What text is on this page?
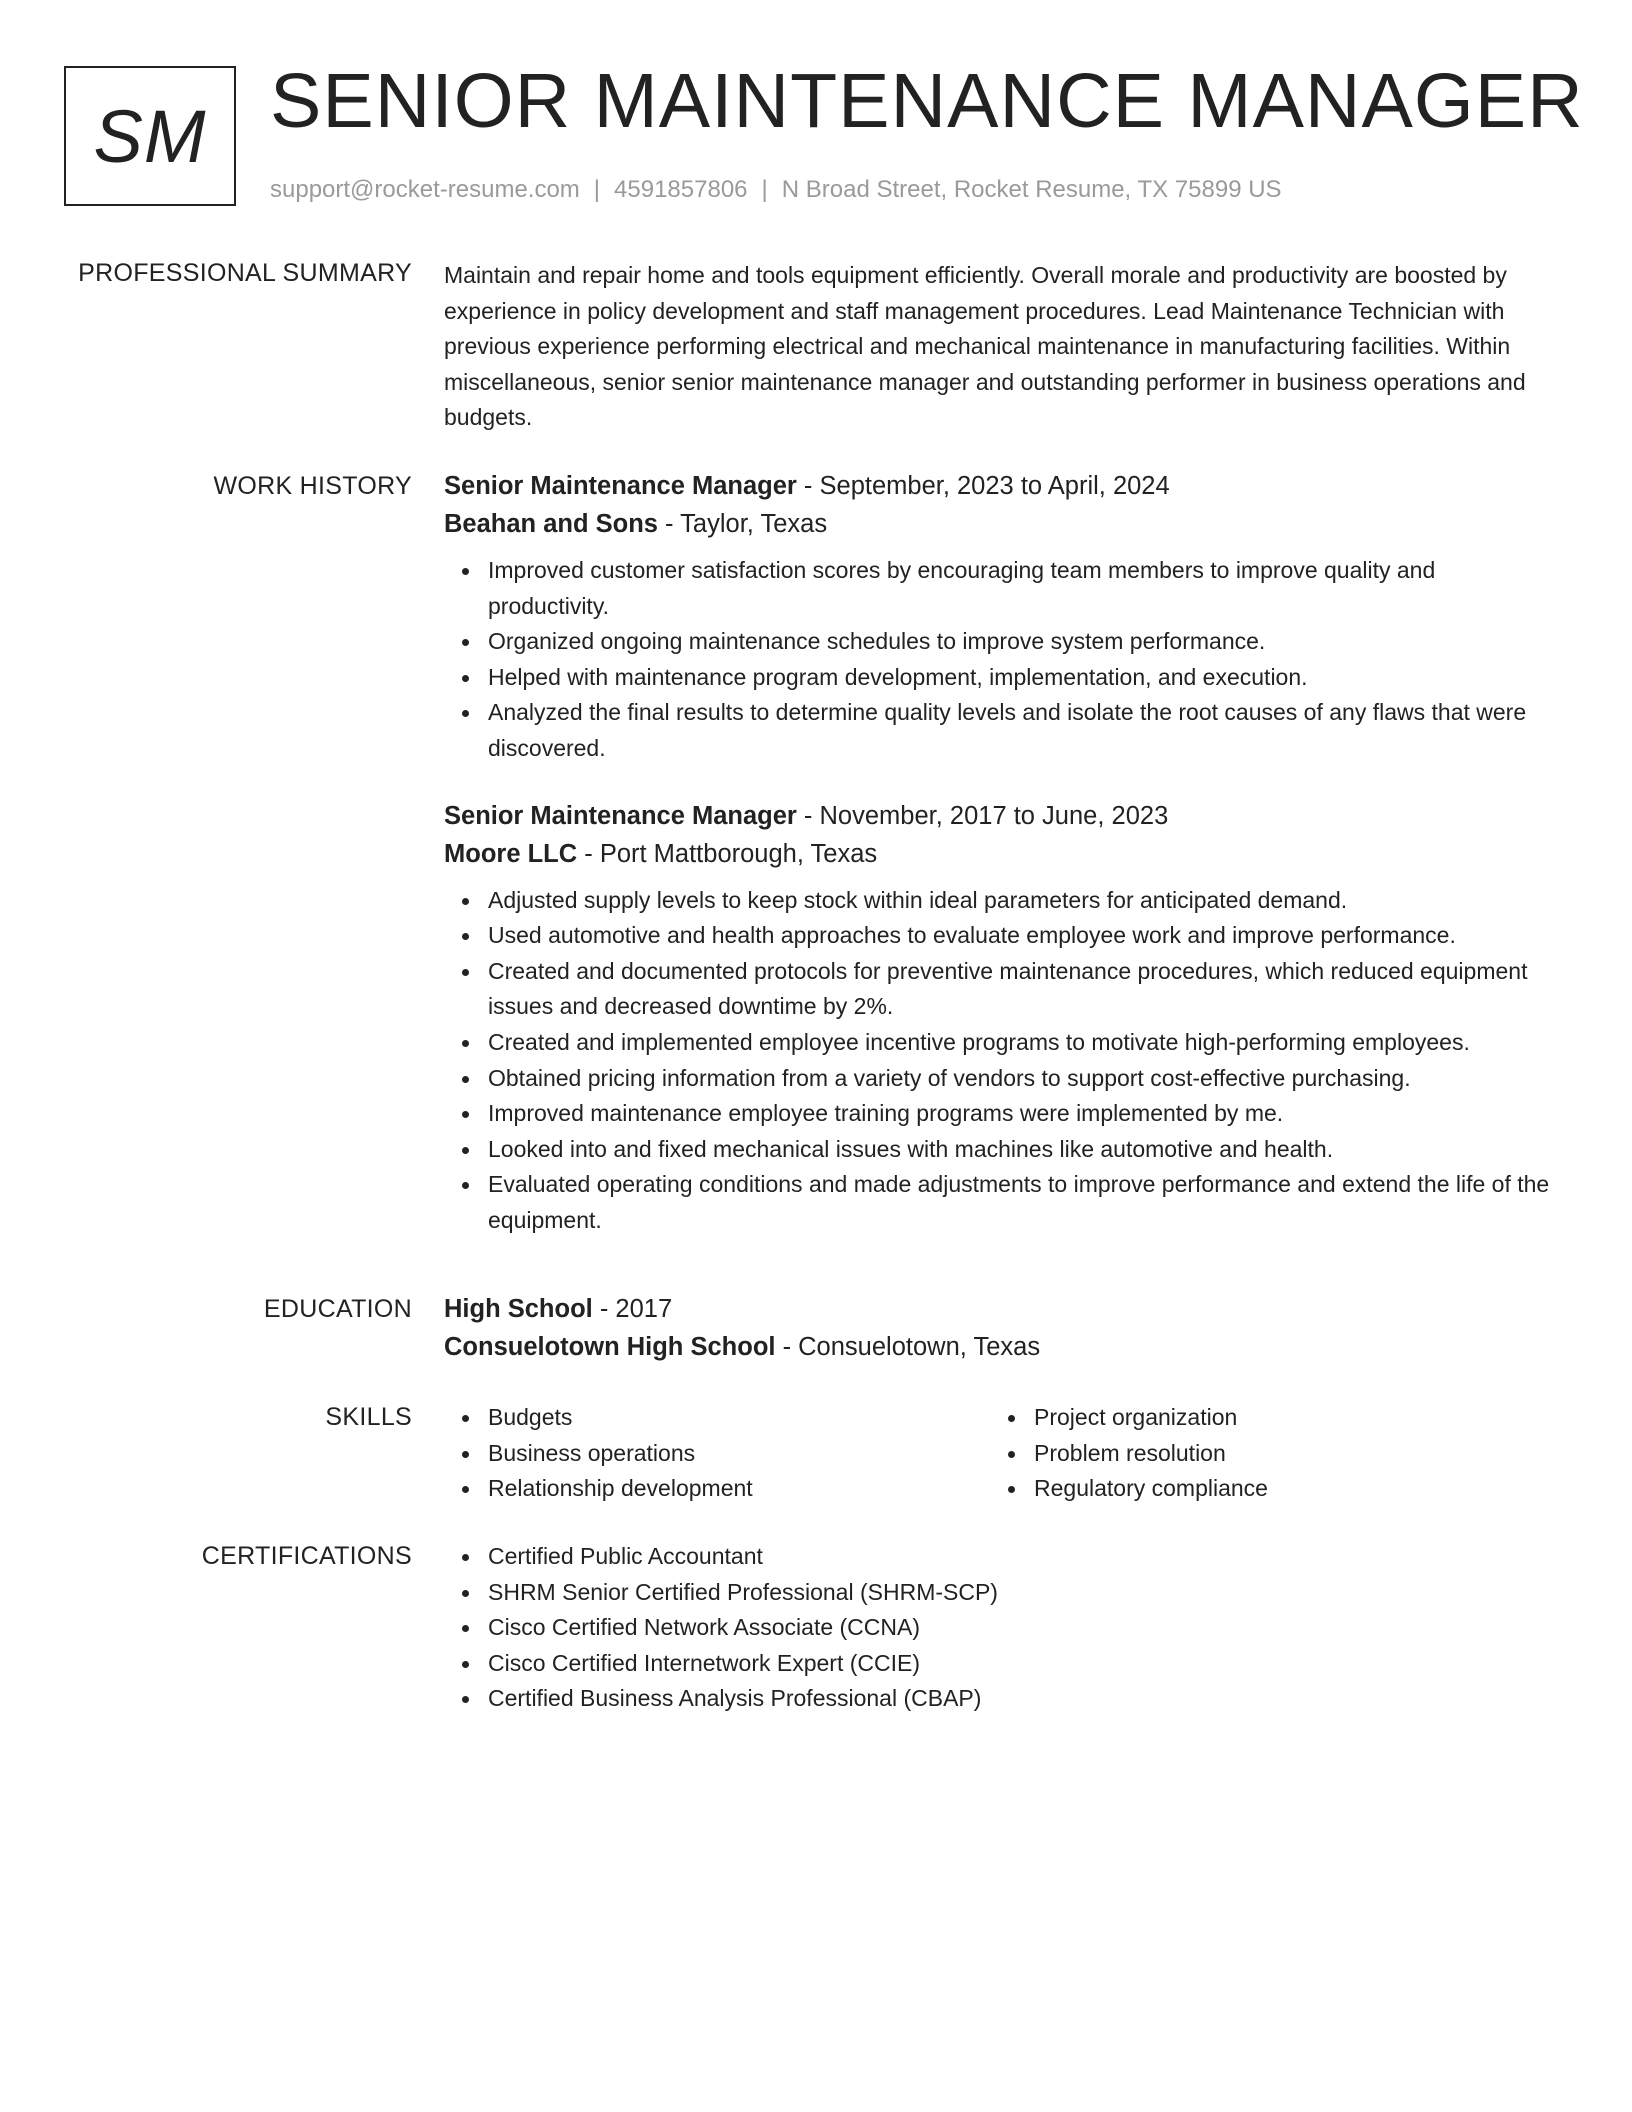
SM SENIOR MAINTENANCE MANAGER
support@rocket-resume.com | 4591857806 | N Broad Street, Rocket Resume, TX 75899 US
PROFESSIONAL SUMMARY Maintain and repair home and tools equipment efficiently. Overall morale and productivity are boosted by experience in policy development and staff management procedures. Lead Maintenance Technician with previous experience performing electrical and mechanical maintenance in manufacturing facilities. Within miscellaneous, senior senior maintenance manager and outstanding performer in business operations and budgets.

WORK HISTORY Senior Maintenance Manager - September, 2023 to April, 2024

Beahan and Sons - Taylor, Texas

Improved customer satisfaction scores by encouraging team members to improve quality and productivity.
Organized ongoing maintenance schedules to improve system performance.
Helped with maintenance program development, implementation, and execution.
Analyzed the final results to determine quality levels and isolate the root causes of any flaws that were discovered.

Senior Maintenance Manager - November, 2017 to June, 2023

Moore LLC - Port Mattborough, Texas

Adjusted supply levels to keep stock within ideal parameters for anticipated demand.
Used automotive and health approaches to evaluate employee work and improve performance.
Created and documented protocols for preventive maintenance procedures, which reduced equipment issues and decreased downtime by 2%.
Created and implemented employee incentive programs to motivate high-performing employees.
Obtained pricing information from a variety of vendors to support cost-effective purchasing.
Improved maintenance employee training programs were implemented by me.
Looked into and fixed mechanical issues with machines like automotive and health.
Evaluated operating conditions and made adjustments to improve performance and extend the life of the equipment.
EDUCATION High School - 2017

Consuelotown High School - Consuelotown, Texas

SKILLS	Budgets
Business operations
Relationship development
Project organization
Problem resolution
Regulatory compliance
CERTIFICATIONS	Certified Public Accountant
SHRM Senior Certified Professional (SHRM-SCP)
Cisco Certified Network Associate (CCNA)
Cisco Certified Internetwork Expert (CCIE)
Certified Business Analysis Professional (CBAP)
